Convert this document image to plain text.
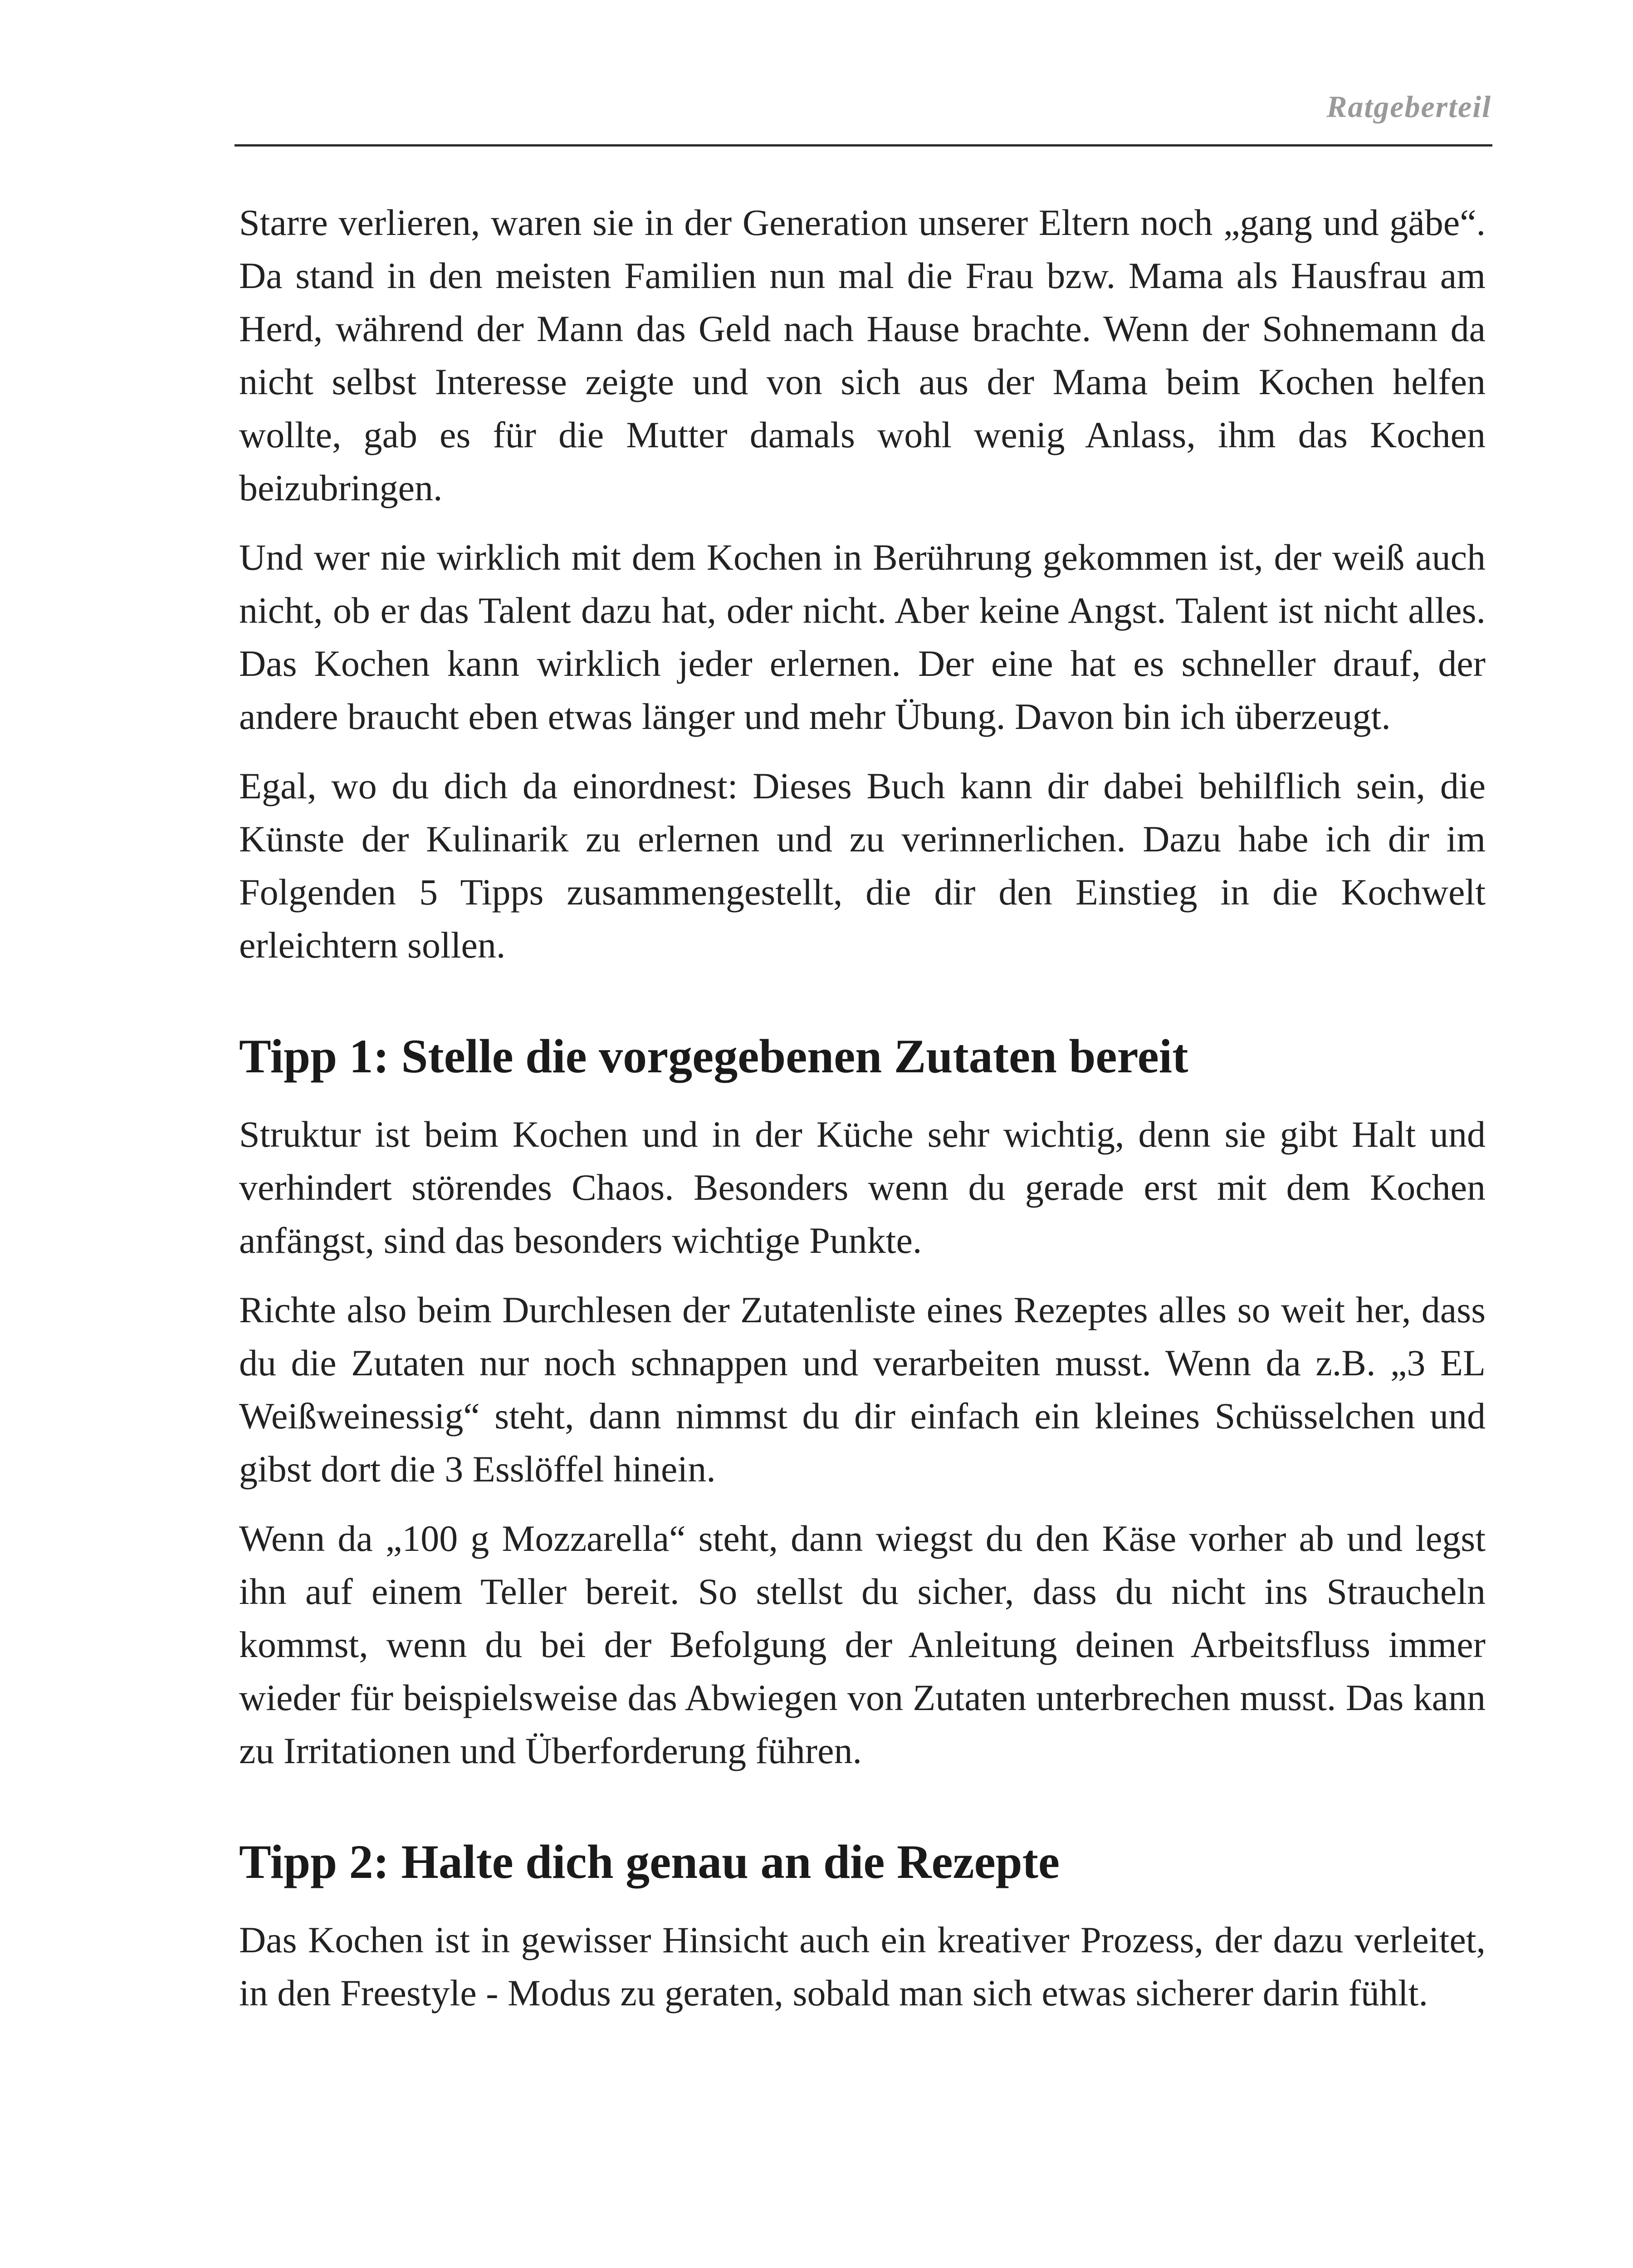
Ratgeberteil

Starre verlieren, waren sie in der Generation unserer Eltern noch „gang und gäbe“. Da stand in den meisten Familien nun mal die Frau bzw. Mama als Hausfrau am Herd, während der Mann das Geld nach Hause brachte. Wenn der Sohnemann da nicht selbst Interesse zeigte und von sich aus der Mama beim Kochen helfen wollte, gab es für die Mutter damals wohl wenig Anlass, ihm das Kochen beizubringen.

Und wer nie wirklich mit dem Kochen in Berührung gekommen ist, der weiß auch nicht, ob er das Talent dazu hat, oder nicht. Aber keine Angst. Talent ist nicht alles. Das Kochen kann wirklich jeder erlernen. Der eine hat es schneller drauf, der andere braucht eben etwas länger und mehr Übung. Davon bin ich überzeugt.

Egal, wo du dich da einordnest: Dieses Buch kann dir dabei behilflich sein, die Künste der Kulinarik zu erlernen und zu verinnerlichen. Dazu habe ich dir im Folgenden 5 Tipps zusammengestellt, die dir den Einstieg in die Kochwelt erleichtern sollen.

Tipp 1: Stelle die vorgegebenen Zutaten bereit

Struktur ist beim Kochen und in der Küche sehr wichtig, denn sie gibt Halt und verhindert störendes Chaos. Besonders wenn du gerade erst mit dem Kochen anfängst, sind das besonders wichtige Punkte.

Richte also beim Durchlesen der Zutatenliste eines Rezeptes alles so weit her, dass du die Zutaten nur noch schnappen und verarbeiten musst. Wenn da z.B. „3 EL Weißweinessig“ steht, dann nimmst du dir einfach ein kleines Schüsselchen und gibst dort die 3 Esslöffel hinein.

Wenn da „100 g Mozzarella“ steht, dann wiegst du den Käse vorher ab und legst ihn auf einem Teller bereit. So stellst du sicher, dass du nicht ins Straucheln kommst, wenn du bei der Befolgung der Anleitung deinen Arbeitsfluss immer wieder für beispielsweise das Abwiegen von Zutaten unterbrechen musst. Das kann zu Irritationen und Überforderung führen.

Tipp 2: Halte dich genau an die Rezepte

Das Kochen ist in gewisser Hinsicht auch ein kreativer Prozess, der dazu verleitet, in den Freestyle - Modus zu geraten, sobald man sich etwas sicherer darin fühlt.
